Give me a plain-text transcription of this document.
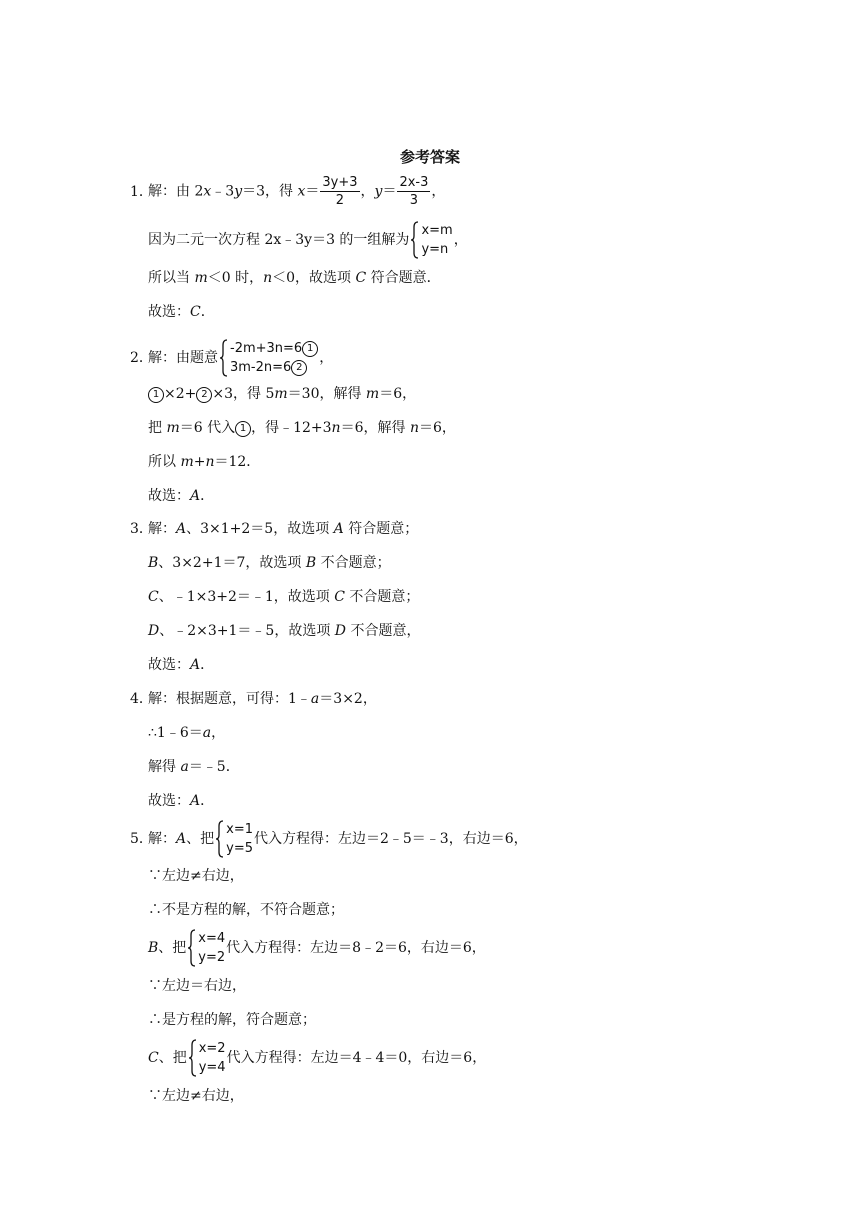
参考答案
1．解：由 2x﹣3y＝3，得 $x= \frac{3y+3}{2}$ ，$y= \frac{2x-3}{3}$ ，
因为二元一次方程 2x﹣3y＝3 的一组解为
x=m
y=n
，
所以当 m＜0 时，n＜0，故选项 C 符合题意．
故选：C．
2．解：由题意
-2m+3n=6 1
3m-2n=6 2
，
1 ×2+ 2 ×3，得 5m＝30，解得 m＝6，
把 m＝6 代入 1 ，得﹣12+3n＝6，解得 n＝6，
所以 m+n＝12．
故选：A．
3．解：A、3×1+2＝5，故选项 A 符合题意；
B、3×2+1＝7，故选项 B 不合题意；
C、﹣1×3+2＝﹣1，故选项 C 不合题意；
D、﹣2×3+1＝﹣5，故选项 D 不合题意，
故选：A．
4．解：根据题意，可得：1﹣a＝3×2，
∴1﹣6＝a，
解得 a＝﹣5．
故选：A．
5．解：A、把
x=1
y=5
代入方程得：左边＝2﹣5＝﹣3，右边＝6，
∵左边≠右边，
∴不是方程的解，不符合题意；
B、把
x=4
y=2
代入方程得：左边＝8﹣2＝6，右边＝6，
∵左边＝右边，
∴是方程的解，符合题意；
C、把
x=2
y=4
代入方程得：左边＝4﹣4＝0，右边＝6，
∵左边≠右边，
